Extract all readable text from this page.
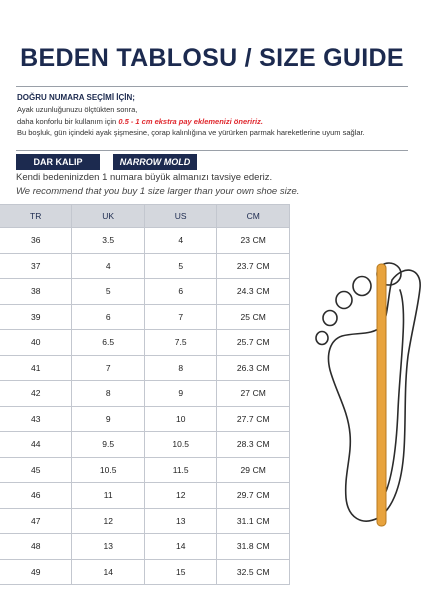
BEDEN TABLOSU / SIZE GUIDE
DOĞRU NUMARA SEÇİMİ İÇİN;
Ayak uzunluğunuzu ölçtükten sonra,
daha konforlu bir kullanım için 0.5 - 1 cm ekstra pay eklemenizi öneririz.
Bu boşluk, gün içindeki ayak şişmesine, çorap kalınlığına ve yürürken parmak hareketlerine uyum sağlar.
DAR KALIP	NARROW MOLD
Kendi bedeninizden 1 numara büyük almanızı tavsiye ederiz.
We recommend that you buy 1 size larger than your own shoe size.
TR	UK	US	CM
36	3.5	4	23 CM
37	4	5	23.7 CM
38	5	6	24.3 CM
39	6	7	25 CM
40	6.5	7.5	25.7 CM
41	7	8	26.3 CM
42	8	9	27 CM
43	9	10	27.7 CM
44	9.5	10.5	28.3 CM
45	10.5	11.5	29 CM
46	11	12	29.7 CM
47	12	13	31.1 CM
48	13	14	31.8 CM
49	14	15	32.5 CM
